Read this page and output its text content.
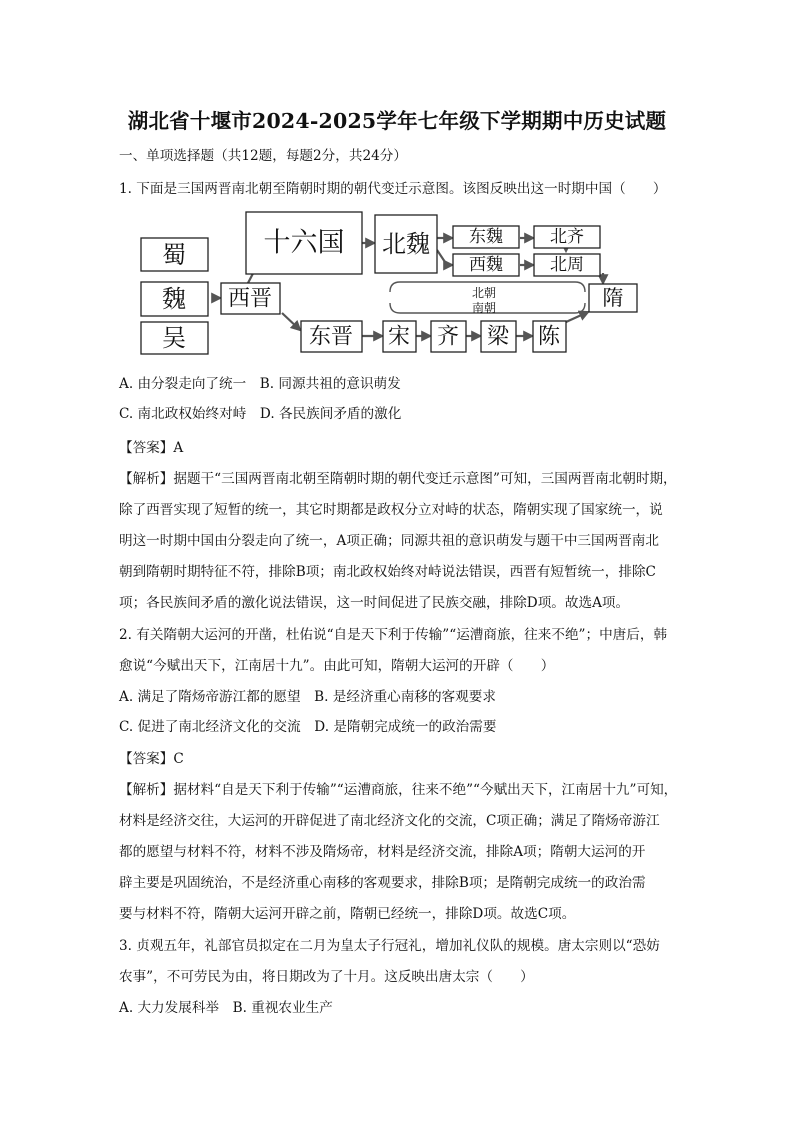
湖北省十堰市2024-2025学年七年级下学期期中历史试题
一、单项选择题（共12题，每题2分，共24分）
1. 下面是三国两晋南北朝至隋朝时期的朝代变迁示意图。该图反映出这一时期中国（　　）
蜀
魏
吴
西晋
十六国 北魏 东魏
西魏
北齐
北周
隋
东晋 宋 齐 梁 陈
北朝
南朝
A. 由分裂走向了统一　B. 同源共祖的意识萌发
C. 南北政权始终对峙　D. 各民族间矛盾的激化
【答案】A
【解析】据题干“三国两晋南北朝至隋朝时期的朝代变迁示意图”可知，三国两晋南北朝时期，
除了西晋实现了短暂的统一，其它时期都是政权分立对峙的状态，隋朝实现了国家统一，说
明这一时期中国由分裂走向了统一，A项正确；同源共祖的意识萌发与题干中三国两晋南北
朝到隋朝时期特征不符，排除B项；南北政权始终对峙说法错误，西晋有短暂统一，排除C
项；各民族间矛盾的激化说法错误，这一时间促进了民族交融，排除D项。故选A项。
2. 有关隋朝大运河的开凿，杜佑说“自是天下利于传输”“运漕商旅，往来不绝”；中唐后，韩
愈说“今赋出天下，江南居十九”。由此可知，隋朝大运河的开辟（　　）
A. 满足了隋炀帝游江都的愿望　B. 是经济重心南移的客观要求
C. 促进了南北经济文化的交流　D. 是隋朝完成统一的政治需要
【答案】C
【解析】据材料“自是天下利于传输”“运漕商旅，往来不绝”“今赋出天下，江南居十九”可知，
材料是经济交往，大运河的开辟促进了南北经济文化的交流，C项正确；满足了隋炀帝游江
都的愿望与材料不符，材料不涉及隋炀帝，材料是经济交流，排除A项；隋朝大运河的开
辟主要是巩固统治，不是经济重心南移的客观要求，排除B项；是隋朝完成统一的政治需
要与材料不符，隋朝大运河开辟之前，隋朝已经统一，排除D项。故选C项。
3. 贞观五年，礼部官员拟定在二月为皇太子行冠礼，增加礼仪队的规模。唐太宗则以“恐妨
农事”，不可劳民为由，将日期改为了十月。这反映出唐太宗（　　）
A. 大力发展科举　B. 重视农业生产
